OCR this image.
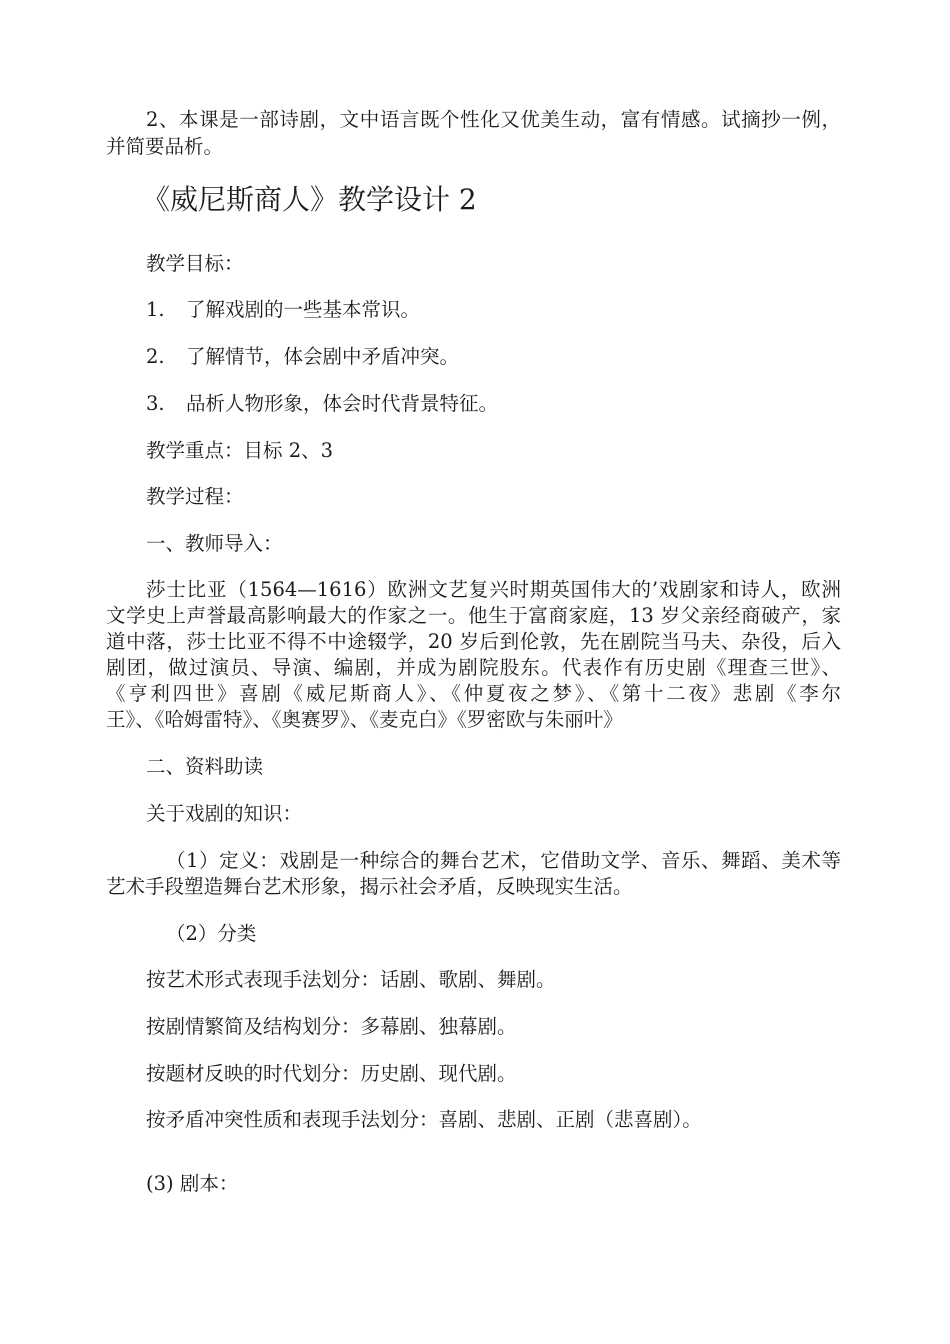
2、本课是一部诗剧，文中语言既个性化又优美生动，富有情感。试摘抄一例，

并简要品析。

《威尼斯商人》教学设计 2

教学目标：

1. 了解戏剧的一些基本常识。

2. 了解情节，体会剧中矛盾冲突。

3. 品析人物形象，体会时代背景特征。

教学重点：目标 2、3

教学过程：

一、教师导入：

莎士比亚（1564—1616）欧洲文艺复兴时期英国伟大的’戏剧家和诗人，欧洲

文学史上声誉最高影响最大的作家之一。他生于富商家庭，13 岁父亲经商破产，家

道中落，莎士比亚不得不中途辍学，20 岁后到伦敦，先在剧院当马夫、杂役，后入

剧团，做过演员、导演、编剧，并成为剧院股东。代表作有历史剧《理查三世》、

《亨利四世》喜剧《威尼斯商人》、《仲夏夜之梦》、《第十二夜》悲剧《李尔

王》、《哈姆雷特》、《奥赛罗》、《麦克白》《罗密欧与朱丽叶》

二、资料助读

关于戏剧的知识：

（1）定义：戏剧是一种综合的舞台艺术，它借助文学、音乐、舞蹈、美术等

艺术手段塑造舞台艺术形象，揭示社会矛盾，反映现实生活。

（2）分类

按艺术形式表现手法划分：话剧、歌剧、舞剧。

按剧情繁简及结构划分：多幕剧、独幕剧。

按题材反映的时代划分：历史剧、现代剧。

按矛盾冲突性质和表现手法划分：喜剧、悲剧、正剧（悲喜剧）。

(3) 剧本：
